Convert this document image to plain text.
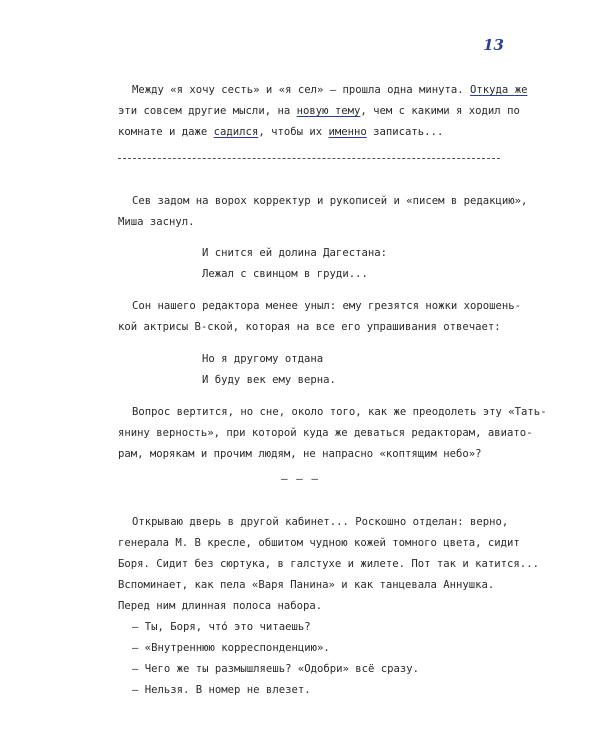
13
Между «я хочу сесть» и «я сел» — прошла одна минута. Откуда же
эти совсем другие мысли, на новую тему, чем с какими я ходил по
комнате и даже садился, чтобы их именно записать...
Сев задом на ворох корректур и рукописей и «писем в редакцию»,
Миша заснул.
И снится ей долина Дагестана:
Лежал с свинцом в груди...
Сон нашего редактора менее уныл: ему грезятся ножки хорошень-
кой актрисы В-ской, которая на все его упрашивания отвечает:
Но я другому отдана
И буду век ему верна.
Вопрос вертится, но сне, около того, как же преодолеть эту «Тать-
янину верность», при которой куда же деваться редакторам, авиато-
рам, морякам и прочим людям, не напрасно «коптящим небо»?
– – –
Открываю дверь в другой кабинет... Роскошно отделан: верно,
генерала М. В кресле, обшитом чудною кожей томного цвета, сидит
Боря. Сидит без сюртука, в галстухе и жилете. Пот так и катится...
Вспоминает, как пела «Варя Панина» и как танцевала Аннушка.
Перед ним длинная полоса набора.
— Ты, Боря, что́ это читаешь?
— «Внутреннюю корреспонденцию».
— Чего же ты размышляешь? «Одобри» всё сразу.
— Нельзя. В номер не влезет.
